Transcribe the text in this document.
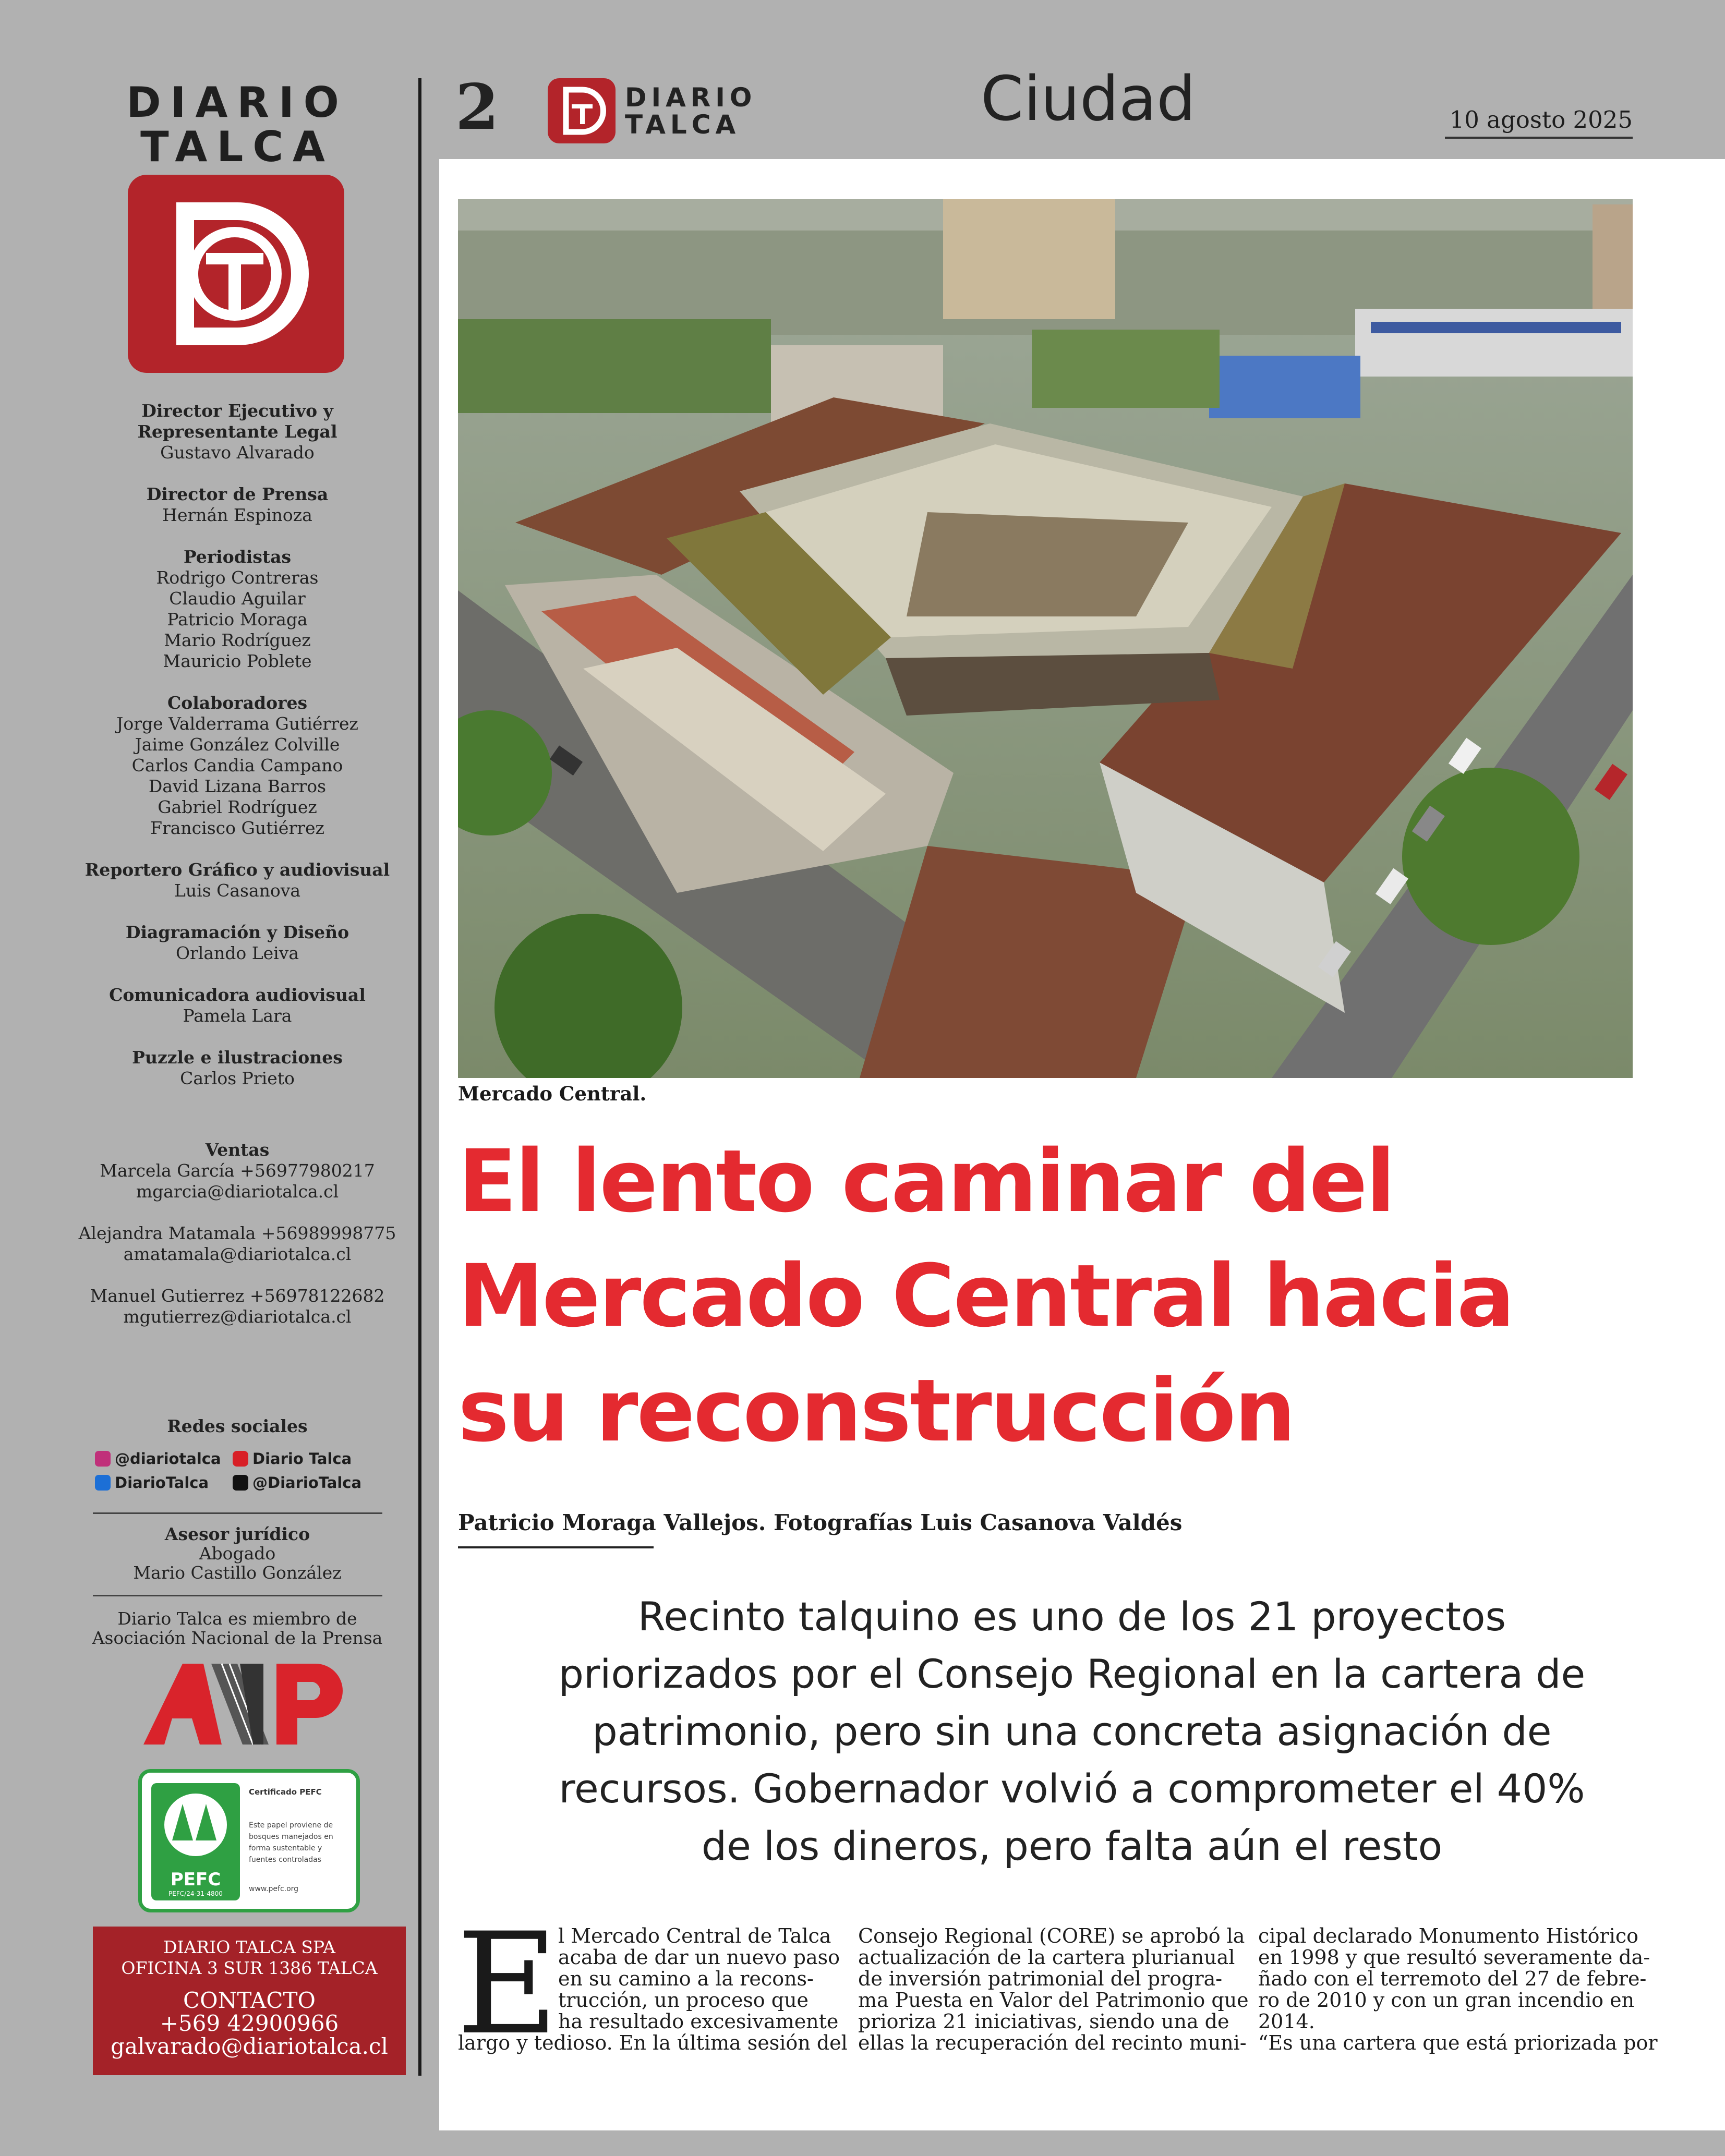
DIARIO
TALCA
Director Ejecutivo y
Representante Legal
Gustavo Alvarado
Director de Prensa
Hernán Espinoza
Periodistas
Rodrigo Contreras
Claudio Aguilar
Patricio Moraga
Mario Rodríguez
Mauricio Poblete
Colaboradores
Jorge Valderrama Gutiérrez
Jaime González Colville
Carlos Candia Campano
David Lizana Barros
Gabriel Rodríguez
Francisco Gutiérrez
Reportero Gráfico y audiovisual
Luis Casanova
Diagramación y Diseño
Orlando Leiva
Comunicadora audiovisual
Pamela Lara
Puzzle e ilustraciones
Carlos Prieto
Ventas
Marcela García +56977980217
mgarcia@diariotalca.cl
Alejandra Matamala +56989998775
amatamala@diariotalca.cl
Manuel Gutierrez +56978122682
mgutierrez@diariotalca.cl
Redes sociales
@diariotalca Diario Talca
DiarioTalca	@DiarioTalca
Asesor jurídico
Abogado
Mario Castillo González
Diario Talca es miembro de
Asociación Nacional de la Prensa
PEFC
PEFC/24-31-4800
Certificado PEFC
Este papel proviene de
bosques manejados en
forma sustentable y
fuentes controladas
www.pefc.org
DIARIO TALCA SPA
OFICINA 3 SUR 1386 TALCA
CONTACTO
+569 42900966
galvarado@diariotalca.cl
2	DIARIO
TALCA	Ciudad	10 agosto 2025
Mercado Central.
El lento caminar del
Mercado Central hacia
su reconstrucción
Patricio Moraga Vallejos. Fotografías Luis Casanova Valdés
Recinto talquino es uno de los 21 proyectos
priorizados por el Consejo Regional en la cartera de
patrimonio, pero sin una concreta asignación de
recursos. Gobernador volvió a comprometer el 40%
de los dineros, pero falta aún el resto
E l Mercado Central de Talca
acaba de dar un nuevo paso
en su camino a la recons-
trucción, un proceso que
ha resultado excesivamente
largo y tedioso. En la última sesión del
Consejo Regional (CORE) se aprobó la
actualización de la cartera plurianual
de inversión patrimonial del progra-
ma Puesta en Valor del Patrimonio que
prioriza 21 iniciativas, siendo una de
ellas la recuperación del recinto muni-
cipal declarado Monumento Histórico
en 1998 y que resultó severamente da-
ñado con el terremoto del 27 de febre-
ro de 2010 y con un gran incendio en
2014.
“Es una cartera que está priorizada por
